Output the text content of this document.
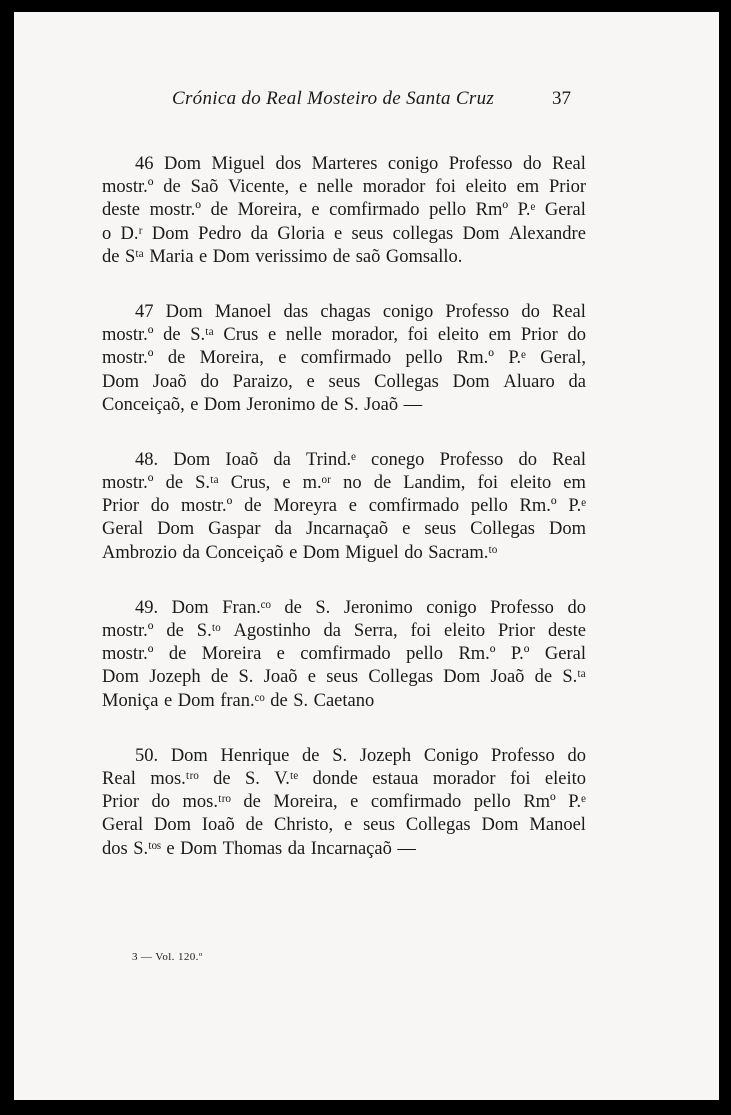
Crónica do Real Mosteiro de Santa Cruz	37
46 Dom Miguel dos Marteres conigo Professo do Real
mostr.º de Saõ Vicente, e nelle morador foi eleito em Prior
deste mostr.º de Moreira, e comfirmado pello Rmº P.ᵉ Geral
o D.ʳ Dom Pedro da Gloria e seus collegas Dom Alexandre
de Sᵗᵃ Maria e Dom verissimo de saõ Gomsallo.
47 Dom Manoel das chagas conigo Professo do Real
mostr.º de S.ᵗᵃ Crus e nelle morador, foi eleito em Prior do
mostr.º de Moreira, e comfirmado pello Rm.º P.ᵉ Geral,
Dom Joaõ do Paraizo, e seus Collegas Dom Aluaro da
Conceiçaõ, e Dom Jeronimo de S. Joaõ —
48. Dom Ioaõ da Trind.ᵉ conego Professo do Real
mostr.º de S.ᵗᵃ Crus, e m.ᵒʳ no de Landim, foi eleito em
Prior do mostr.º de Moreyra e comfirmado pello Rm.º P.ᵉ
Geral Dom Gaspar da Jncarnaçaõ e seus Collegas Dom
Ambrozio da Conceiçaõ e Dom Miguel do Sacram.ᵗᵒ
49. Dom Fran.ᶜᵒ de S. Jeronimo conigo Professo do
mostr.º de S.ᵗᵒ Agostinho da Serra, foi eleito Prior deste
mostr.º de Moreira e comfirmado pello Rm.º P.º Geral
Dom Jozeph de S. Joaõ e seus Collegas Dom Joaõ de S.ᵗᵃ
Moniça e Dom fran.ᶜᵒ de S. Caetano
50. Dom Henrique de S. Jozeph Conigo Professo do
Real mos.ᵗʳᵒ de S. V.ᵗᵉ donde estaua morador foi eleito
Prior do mos.ᵗʳᵒ de Moreira, e comfirmado pello Rmº P.ᵉ
Geral Dom Ioaõ de Christo, e seus Collegas Dom Manoel
dos S.ᵗᵒˢ e Dom Thomas da Incarnaçaõ —
3 — Vol. 120.º
